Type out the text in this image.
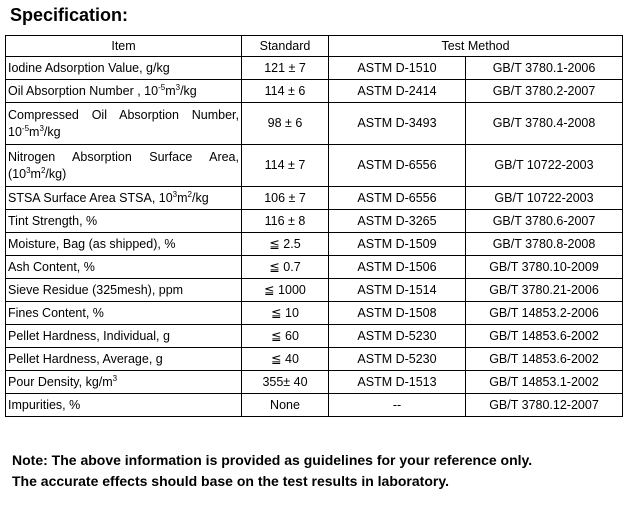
Specification:
Item	Standard	Test Method	
Iodine Adsorption Value, g/kg	121 ± 7	ASTM D-1510	GB/T 3780.1-2006
Oil Absorption Number , $10^{-5}m^3/kg$	114 ± 6	ASTM D-2414	GB/T 3780.2-2007

Compressed Oil Absorption Number,
$10^{-5}m^3/kg$	98 ± 6	ASTM D-3493	GB/T 3780.4-2008

Nitrogen Absorption Surface Area,
$(10^3m^2/kg)$	114 ± 7	ASTM D-6556	GB/T 10722-2003
STSA Surface Area STSA, $10^3m^2/kg$	106 ± 7	ASTM D-6556	GB/T 10722-2003
Tint Strength, %	116 ± 8	ASTM D-3265	GB/T 3780.6-2007
Moisture, Bag (as shipped), %	≦ 2.5	ASTM D-1509	GB/T 3780.8-2008
Ash Content, %	≦ 0.7	ASTM D-1506	GB/T 3780.10-2009
Sieve Residue (325mesh), ppm	≦ 1000	ASTM D-1514	GB/T 3780.21-2006
Fines Content, %	≦ 10	ASTM D-1508	GB/T 14853.2-2006
Pellet Hardness, Individual, g	≦ 60	ASTM D-5230	GB/T 14853.6-2002
Pellet Hardness, Average, g	≦ 40	ASTM D-5230	GB/T 14853.6-2002
Pour Density, $kg/m^3$	355± 40	ASTM D-1513	GB/T 14853.1-2002
Impurities, %	None	--	GB/T 3780.12-2007

Note: The above information is provided as guidelines for your reference only.
The accurate effects should base on the test results in laboratory.
